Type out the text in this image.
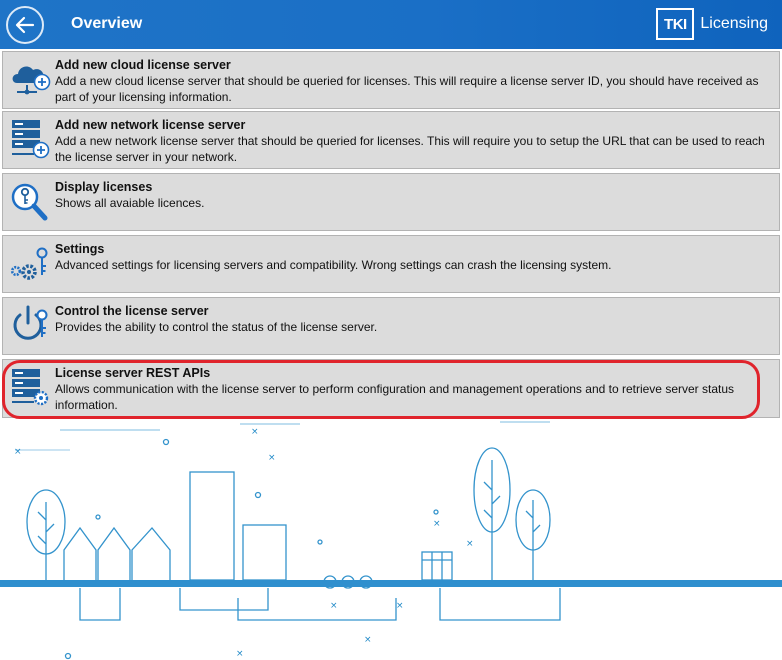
Overview	TKI Licensing
Add new cloud license server
Add a new cloud license server that should be queried for licenses. This will require a license server ID, you should have received as part of your licensing information.
Add new network license server
Add a new network license server that should be queried for licenses. This will require you to setup the URL that can be used to reach the license server in your network.
Display licenses
Shows all avaiable licences.
Settings
Advanced settings for licensing servers and compatibility. Wrong settings can crash the licensing system.
Control the license server
Provides the ability to control the status of the license server.
License server REST APIs
Allows communication with the license server to perform configuration and management operations and to retrieve server status information.
×
×
×
×
×
×	×
×
×
